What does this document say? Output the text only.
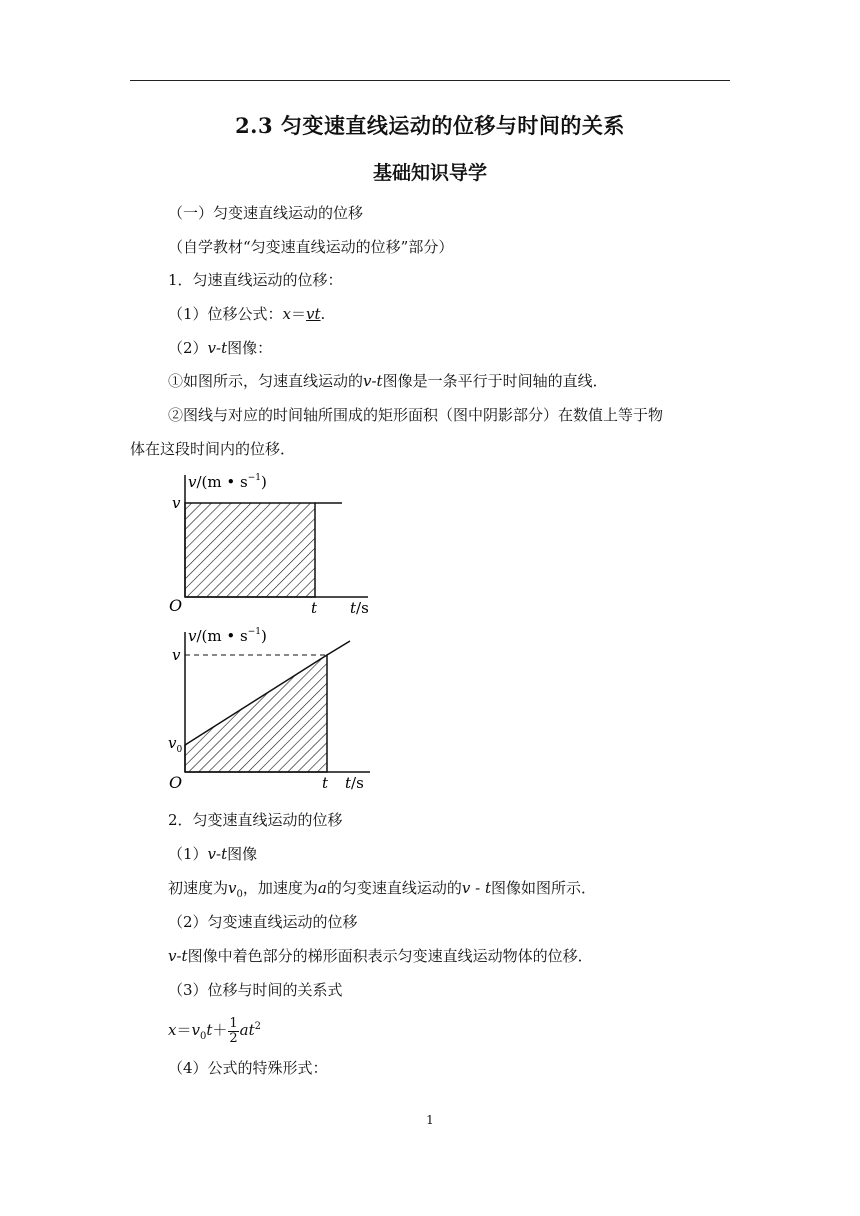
2.3 匀变速直线运动的位移与时间的关系
基础知识导学
（一）匀变速直线运动的位移
（自学教材“匀变速直线运动的位移”部分）
1．匀速直线运动的位移：
（1）位移公式：x＝vt.
（2）v-t图像：
①如图所示，匀速直线运动的v-t图像是一条平行于时间轴的直线．
②图线与对应的时间轴所围成的矩形面积（图中阴影部分）在数值上等于物
体在这段时间内的位移．
v/(m • $s^{-1}$)
v
O	t t/s
v/(m • $s^{-1}$)
v
$v_0$
O	t t/s
2．匀变速直线运动的位移
（1）v-t图像
初速度为$v_0$，加速度为a的匀变速直线运动的v - t图像如图所示．
（2）匀变速直线运动的位移
v-t图像中着色部分的梯形面积表示匀变速直线运动物体的位移．
（3）位移与时间的关系式
$x=v_0t+ \frac{1}{2} at^2$
（4）公式的特殊形式：
1
